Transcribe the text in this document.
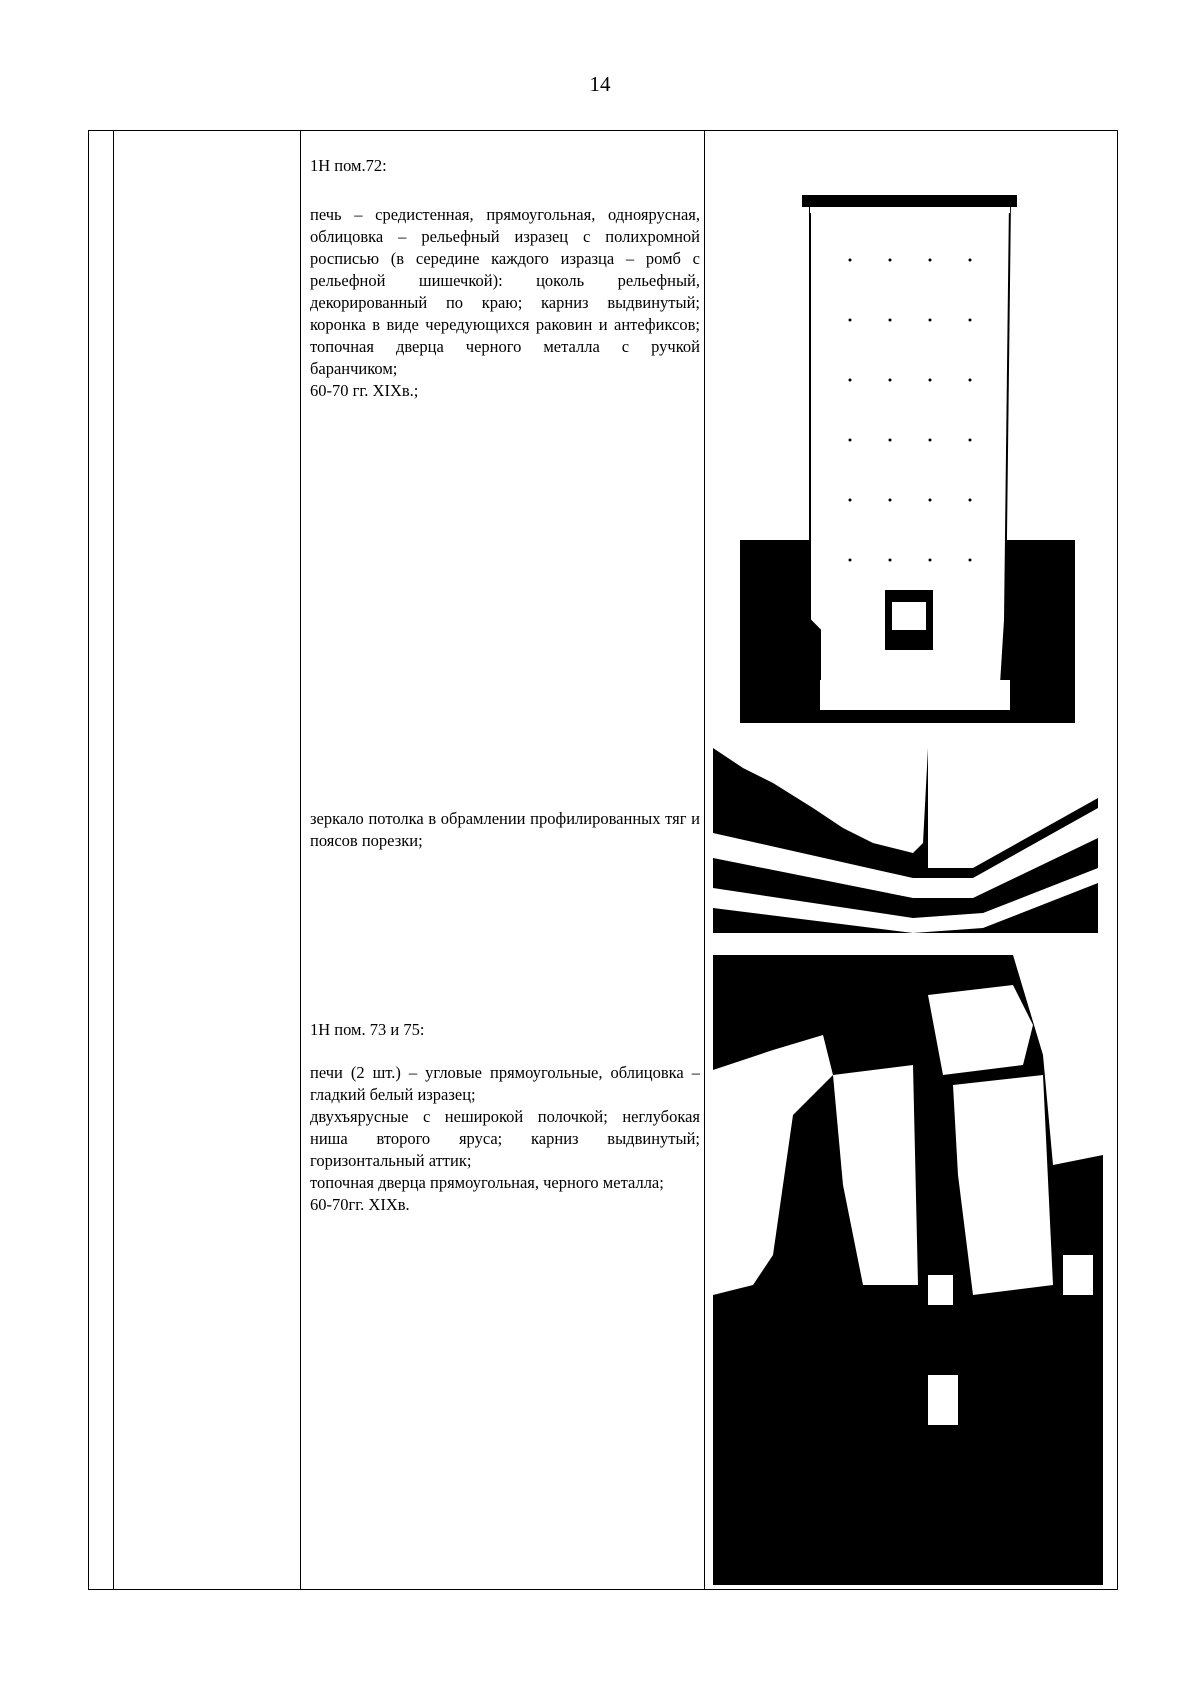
14
1Н пом.72:

печь – средистенная, прямоугольная, одноярусная, облицовка – рельефный изразец с полихромной росписью (в середине каждого изразца – ромб с рельефной шишечкой): цоколь рельефный, декорированный по краю; карниз выдвинутый; коронка в виде чередующихся раковин и антефиксов; топочная дверца черного металла с ручкой баранчиком;

60-70 гг. XIXв.;

зеркало потолка в обрамлении профилированных тяг и поясов порезки;

1Н пом. 73 и 75:

печи (2 шт.) – угловые прямоугольные, облицовка – гладкий белый изразец;

двухъярусные с неширокой полочкой; неглубокая ниша второго яруса; карниз выдвинутый; горизонтальный аттик;

топочная дверца прямоугольная, черного металла;

60-70гг. XIXв.
